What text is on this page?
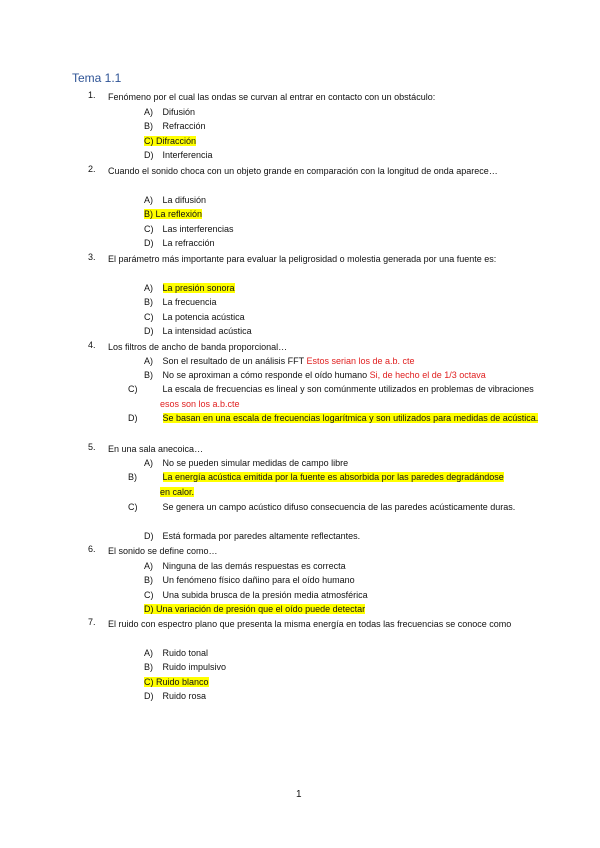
Tema 1.1
1. Fenómeno por el cual las ondas se curvan al entrar en contacto con un obstáculo:
A) Difusión
B) Refracción
C) Difracción
D) Interferencia
2. Cuando el sonido choca con un objeto grande en comparación con la longitud de onda aparece…
A) La difusión
B) La reflexión
C) Las interferencias
D) La refracción
3. El parámetro más importante para evaluar la peligrosidad o molestia generada por una fuente es:
A) La presión sonora
B) La frecuencia
C) La potencia acústica
D) La intensidad acústica
4. Los filtros de ancho de banda proporcional…
A) Son el resultado de un análisis FFT Estos serian los de a.b. cte
B) No se aproximan a cómo responde el oído humano Si, de hecho el de 1/3 octava
C)	La escala de frecuencias es lineal y son comúnmente utilizados en problemas de vibraciones esos son los a.b.cte
D)	Se basan en una escala de frecuencias logarítmica y son utilizados para medidas de acústica.
5. En una sala anecoica…
A) No se pueden simular medidas de campo libre
B)	La energía acústica emitida por la fuente es absorbida por las paredes degradándose en calor.
C)	Se genera un campo acústico difuso consecuencia de las paredes acústicamente duras.
D) Está formada por paredes altamente reflectantes.
6. El sonido se define como…
A) Ninguna de las demás respuestas es correcta
B) Un fenómeno físico dañino para el oído humano
C) Una subida brusca de la presión media atmosférica
D) Una variación de presión que el oído puede detectar
7. El ruido con espectro plano que presenta la misma energía en todas las frecuencias se conoce como
A) Ruido tonal
B) Ruido impulsivo
C) Ruido blanco
D) Ruido rosa
1
